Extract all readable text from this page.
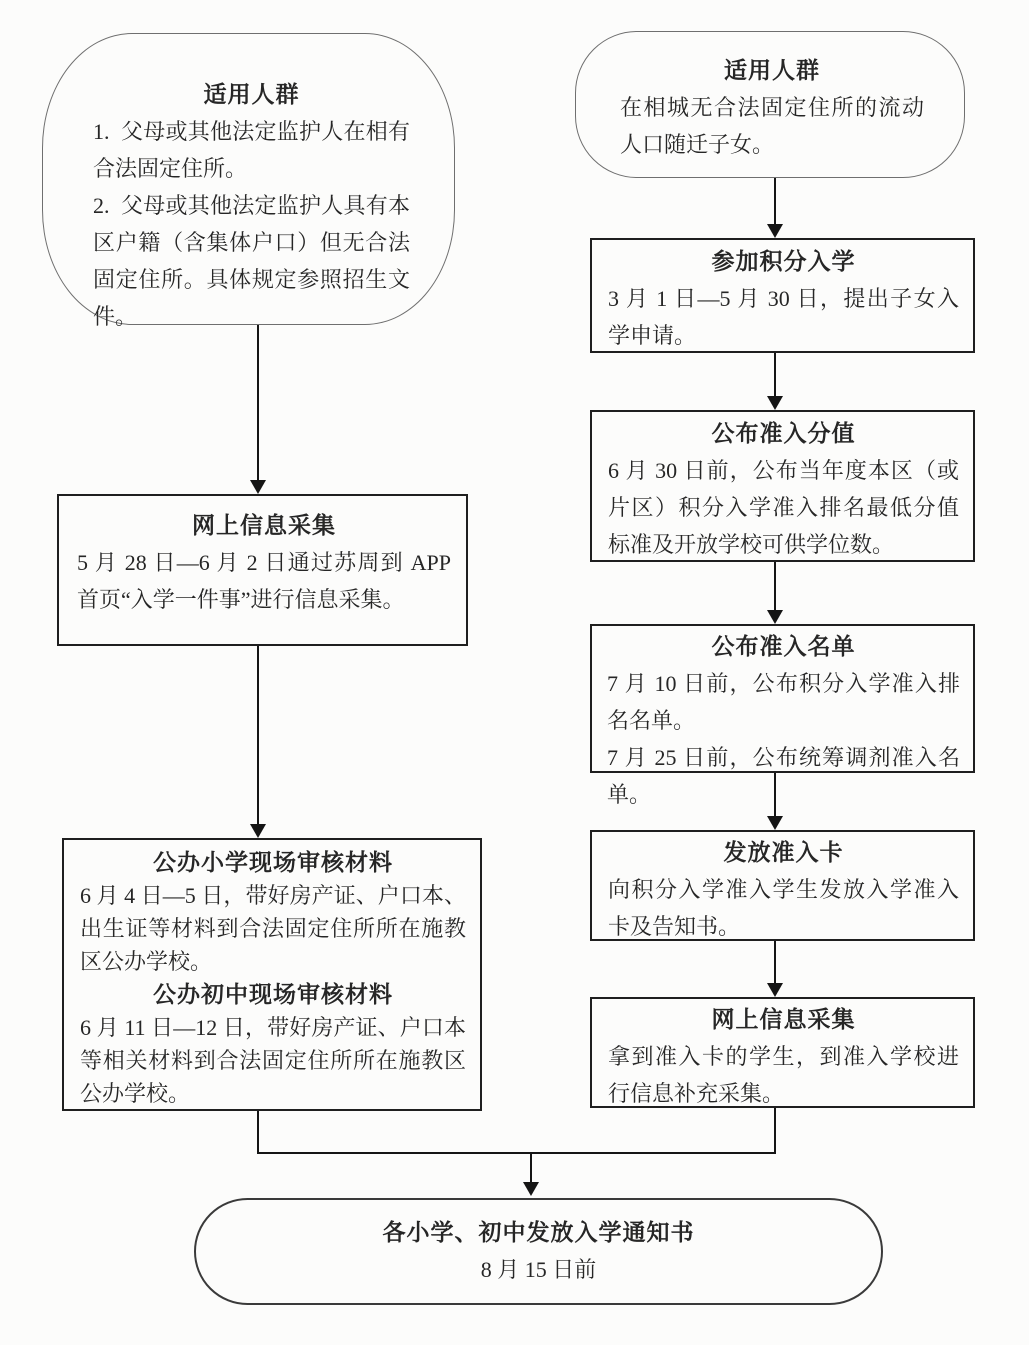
适用人群
1.  父母或其他法定监护人在相有合法固定住所。
2.  父母或其他法定监护人具有本区户籍（含集体户口）但无合法固定住所。具体规定参照招生文件。
网上信息采集
5 月 28 日—6 月 2 日通过苏周到 APP 首页“入学一件事”进行信息采集。
公办小学现场审核材料
6 月 4 日—5 日，带好房产证、户口本、出生证等材料到合法固定住所所在施教区公办学校。
公办初中现场审核材料
6 月 11 日—12 日，带好房产证、户口本等相关材料到合法固定住所所在施教区公办学校。
适用人群
在相城无合法固定住所的流动人口随迁子女。
参加积分入学
3 月 1 日—5 月 30 日，提出子女入学申请。
公布准入分值
6 月 30 日前，公布当年度本区（或片区）积分入学准入排名最低分值标准及开放学校可供学位数。
公布准入名单
7 月 10 日前，公布积分入学准入排名名单。
7 月 25 日前，公布统筹调剂准入名单。
发放准入卡
向积分入学准入学生发放入学准入卡及告知书。
网上信息采集
拿到准入卡的学生，到准入学校进行信息补充采集。
各小学、初中发放入学通知书
8 月 15 日前
